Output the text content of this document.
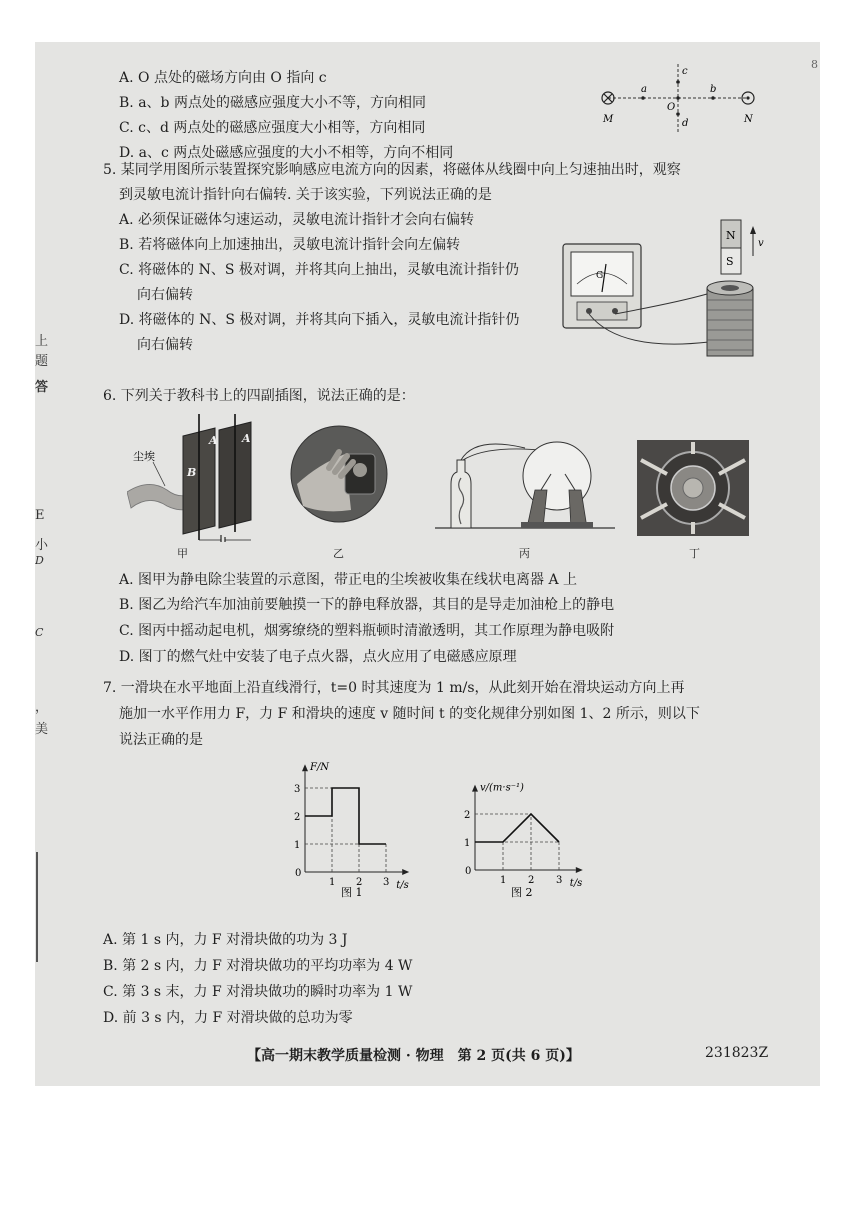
上
题
答
E
小
D
C
，
美
8
A. O 点处的磁场方向由 O 指向 c
B. a、b 两点处的磁感应强度大小不等，方向相同
C. c、d 两点处的磁感应强度大小相等，方向相同
D. a、c 两点处磁感应强度的大小不相等，方向不相同
M	N
a	b
c
d
O
5. 某同学用图所示装置探究影响感应电流方向的因素，将磁体从线圈中向上匀速抽出时，观察
到灵敏电流计指针向右偏转. 关于该实验，下列说法正确的是
A. 必须保证磁体匀速运动，灵敏电流计指针才会向右偏转
B. 若将磁体向上加速抽出，灵敏电流计指针会向左偏转
C. 将磁体的 N、S 极对调，并将其向上抽出，灵敏电流计指针仍
向右偏转
D. 将磁体的 N、S 极对调，并将其向下插入，灵敏电流计指针仍
向右偏转
G
N
S
v
6. 下列关于教科书上的四副插图，说法正确的是：
尘埃
A A
B
甲	乙	丙	丁
A. 图甲为静电除尘装置的示意图，带正电的尘埃被收集在线状电离器 A 上
B. 图乙为给汽车加油前要触摸一下的静电释放器，其目的是导走加油枪上的静电
C. 图丙中摇动起电机，烟雾缭绕的塑料瓶顿时清澈透明，其工作原理为静电吸附
D. 图丁的燃气灶中安装了电子点火器，点火应用了电磁感应原理
7. 一滑块在水平地面上沿直线滑行，t=0 时其速度为 1 m/s，从此刻开始在滑块运动方向上再
施加一水平作用力 F，力 F 和滑块的速度 v 随时间 t 的变化规律分别如图 1、2 所示，则以下
说法正确的是
F/N
t/s
0
1 2 3
1
2
3
图 1
v/(m·s⁻¹)
t/s
0
1 2 3
1
2
图 2
A. 第 1 s 内，力 F 对滑块做的功为 3 J
B. 第 2 s 内，力 F 对滑块做功的平均功率为 4 W
C. 第 3 s 末，力 F 对滑块做功的瞬时功率为 1 W
D. 前 3 s 内，力 F 对滑块做的总功为零
【高一期末教学质量检测 · 物理　第 2 页(共 6 页)】	231823Z
